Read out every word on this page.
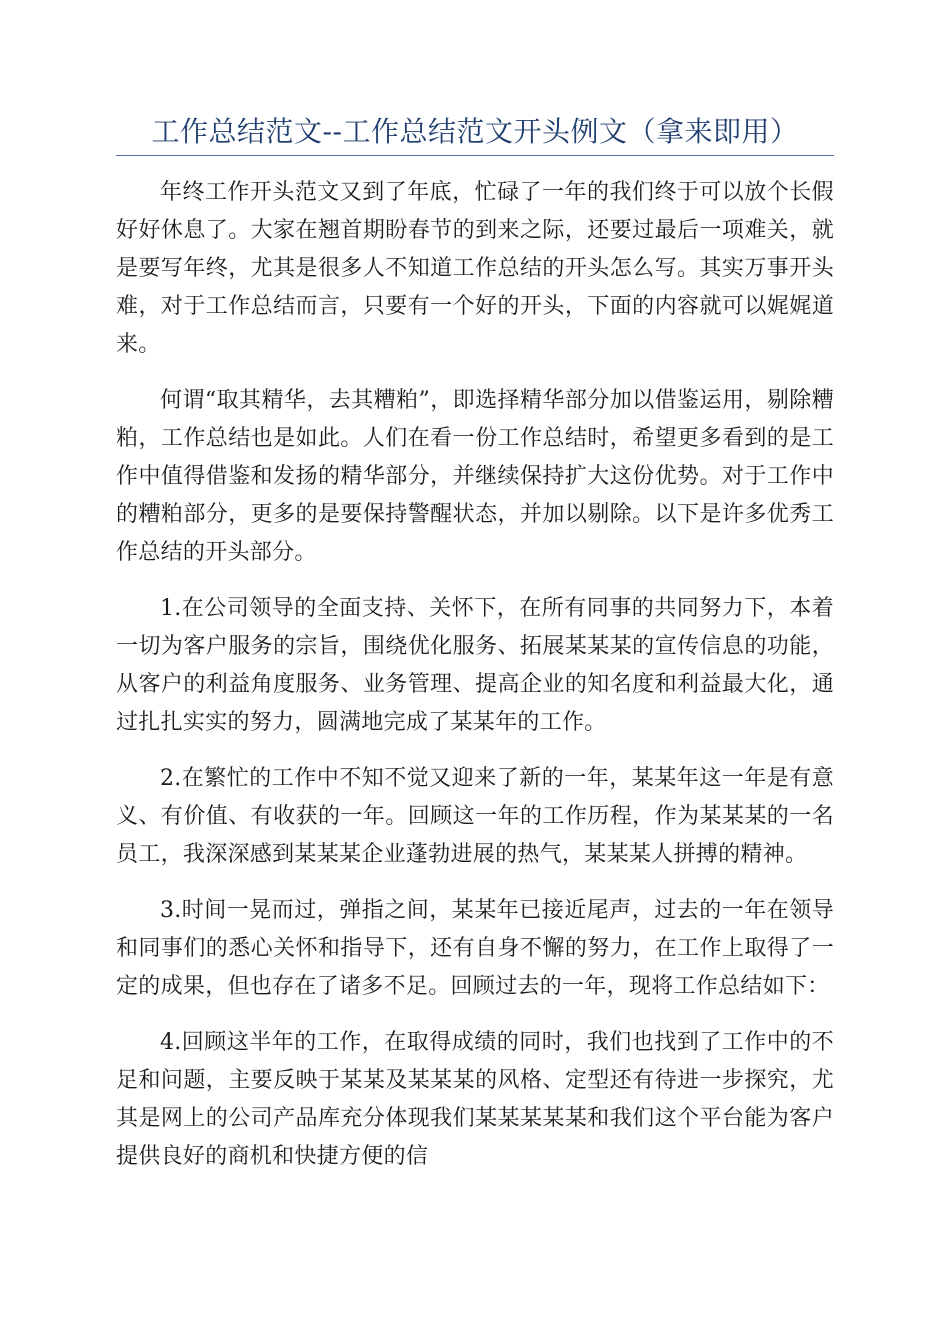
工作总结范文--工作总结范文开头例文（拿来即用）

年终工作开头范文又到了年底，忙碌了一年的我们终于可以放个长假好好休息了。大家在翘首期盼春节的到来之际，还要过最后一项难关，就是要写年终，尤其是很多人不知道工作总结的开头怎么写。其实万事开头难，对于工作总结而言，只要有一个好的开头，下面的内容就可以娓娓道来。

何谓“取其精华，去其糟粕”，即选择精华部分加以借鉴运用，剔除糟粕，工作总结也是如此。人们在看一份工作总结时，希望更多看到的是工作中值得借鉴和发扬的精华部分，并继续保持扩大这份优势。对于工作中的糟粕部分，更多的是要保持警醒状态，并加以剔除。以下是许多优秀工作总结的开头部分。

1.在公司领导的全面支持、关怀下，在所有同事的共同努力下，本着一切为客户服务的宗旨，围绕优化服务、拓展某某某的宣传信息的功能，从客户的利益角度服务、业务管理、提高企业的知名度和利益最大化，通过扎扎实实的努力，圆满地完成了某某年的工作。

2.在繁忙的工作中不知不觉又迎来了新的一年，某某年这一年是有意义、有价值、有收获的一年。回顾这一年的工作历程，作为某某某的一名员工，我深深感到某某某企业蓬勃进展的热气，某某某人拼搏的精神。

3.时间一晃而过，弹指之间，某某年已接近尾声，过去的一年在领导和同事们的悉心关怀和指导下，还有自身不懈的努力，在工作上取得了一定的成果，但也存在了诸多不足。回顾过去的一年，现将工作总结如下：

4.回顾这半年的工作，在取得成绩的同时，我们也找到了工作中的不足和问题，主要反映于某某及某某某的风格、定型还有待进一步探究，尤其是网上的公司产品库充分体现我们某某某某某和我们这个平台能为客户提供良好的商机和快捷方便的信
